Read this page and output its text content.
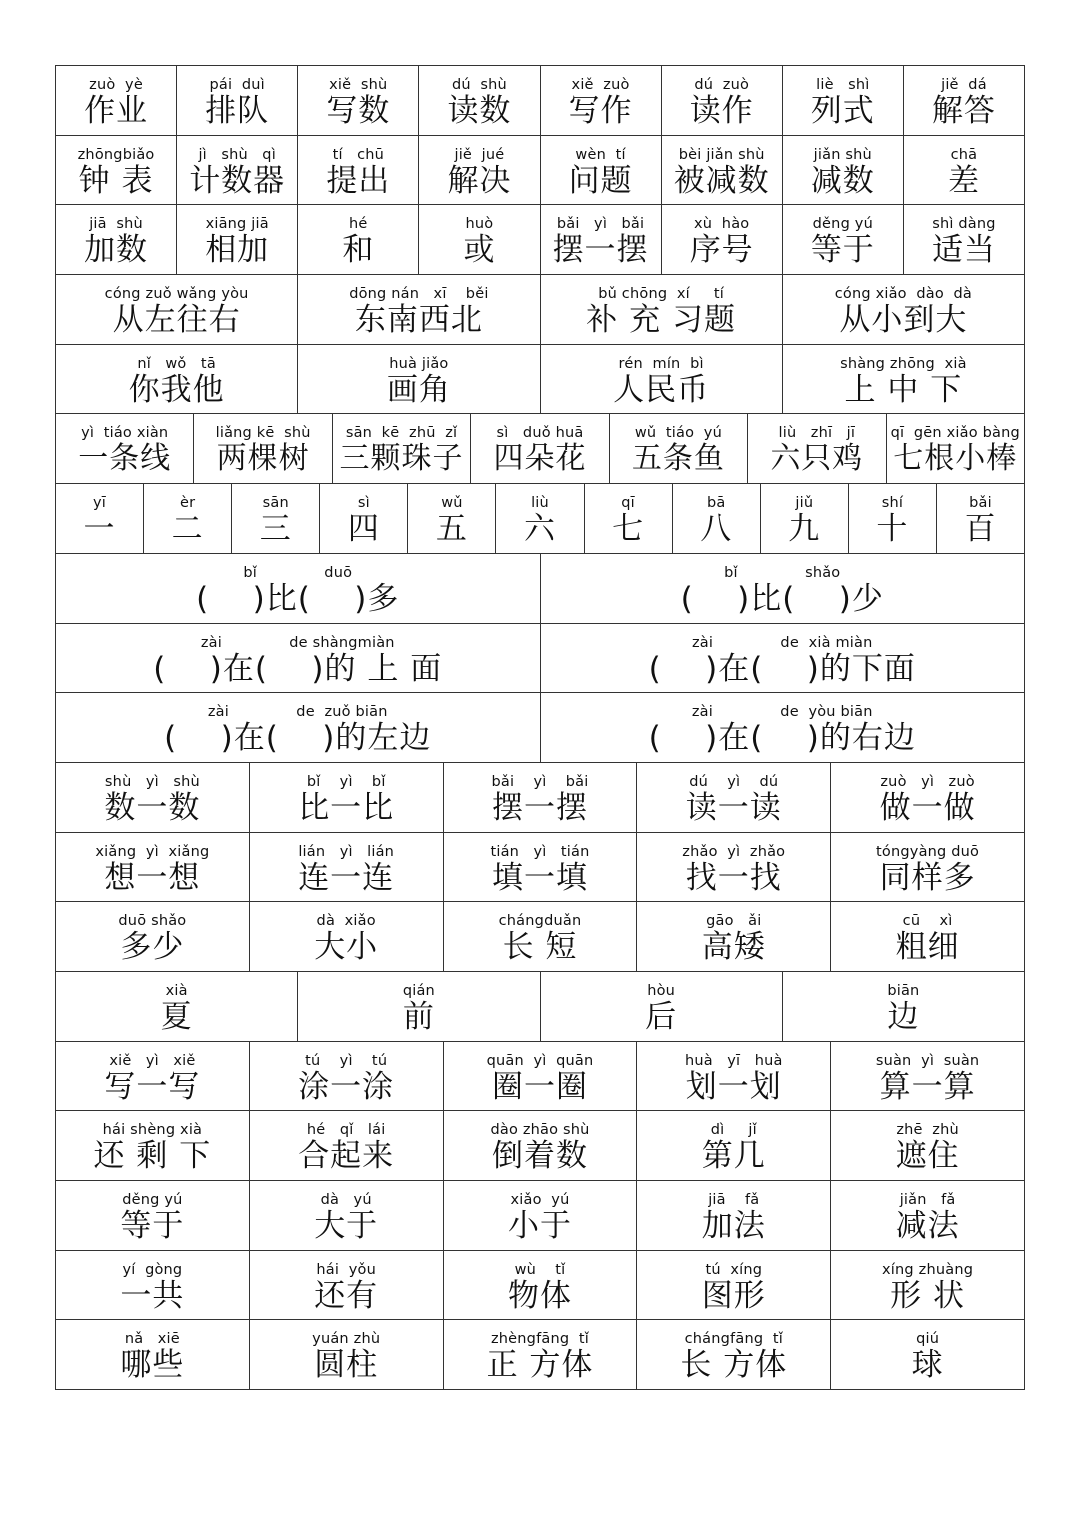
zuò  yè
作业
pái  duì
排队
xiě  shù
写数
dú  shù
读数
xiě  zuò
写作
dú  zuò
读作
liè   shì
列式
jiě  dá
解答
zhōngbiǎo
钟 表
jì   shù   qì
计数器
tí   chū
提出
jiě  jué
解决
wèn  tí
问题
bèi jiǎn shù
被减数
jiǎn shù
减数
chā
差
jiā  shù
加数
xiāng jiā
相加
hé
和
huò
或
bǎi   yì   bǎi
摆一摆
xù  hào
序号
děng yú
等于
shì dàng
适当
cóng zuǒ wǎng yòu
从左往右
dōng nán   xī    běi
东南西北
bǔ chōng  xí     tí
补 充 习题
cóng xiǎo  dào  dà
从小到大
nǐ   wǒ   tā
你我他
huà jiǎo
画角
rén  mín  bì
人民币
shàng zhōng  xià
上 中 下
yì  tiáo xiàn
一条线
liǎng kē  shù
两棵树
sān  kē  zhū  zǐ
三颗珠子
sì   duǒ huā
四朵花
wǔ  tiáo  yú
五条鱼
liù   zhī   jī
六只鸡
qī  gēn xiǎo bàng
七根小棒
yī
一
èr
二
sān
三
sì
四
wǔ
五
liù
六
qī
七
bā
八
jiǔ
九
shí
十
bǎi
百
bǐ              duō
(    )比(    )多
bǐ              shǎo
(    )比(    )少
zài              de shàngmiàn
(    )在(    )的 上 面
zài              de  xià miàn
(    )在(    )的下面
zài              de  zuǒ biān
(    )在(    )的左边
zài              de  yòu biān
(    )在(    )的右边
shù   yì   shù
数一数
bǐ    yì    bǐ
比一比
bǎi    yì    bǎi
摆一摆
dú    yì    dú
读一读
zuò   yì   zuò
做一做
xiǎng  yì  xiǎng
想一想
lián   yì   lián
连一连
tián   yì   tián
填一填
zhǎo  yì  zhǎo
找一找
tóngyàng duō
同样多
duō shǎo
多少
dà  xiǎo
大小
chángduǎn
长 短
gāo   ǎi
高矮
cū    xì
粗细
xià
夏
qián
前
hòu
后
biān
边
xiě   yì   xiě
写一写
tú    yì    tú
涂一涂
quān  yì  quān
圈一圈
huà   yī   huà
划一划
suàn  yì  suàn
算一算
hái shèng xià
还 剩 下
hé   qǐ   lái
合起来
dào zhāo shù
倒着数
dì     jǐ
第几
zhē  zhù
遮住
děng yú
等于
dà   yú
大于
xiǎo  yú
小于
jiā    fǎ
加法
jiǎn   fǎ
减法
yí  gòng
一共
hái  yǒu
还有
wù    tǐ
物体
tú  xíng
图形
xíng zhuàng
形 状
nǎ   xiē
哪些
yuán zhù
圆柱
zhèngfāng  tǐ
正 方体
chángfāng  tǐ
长 方体
qiú
球
